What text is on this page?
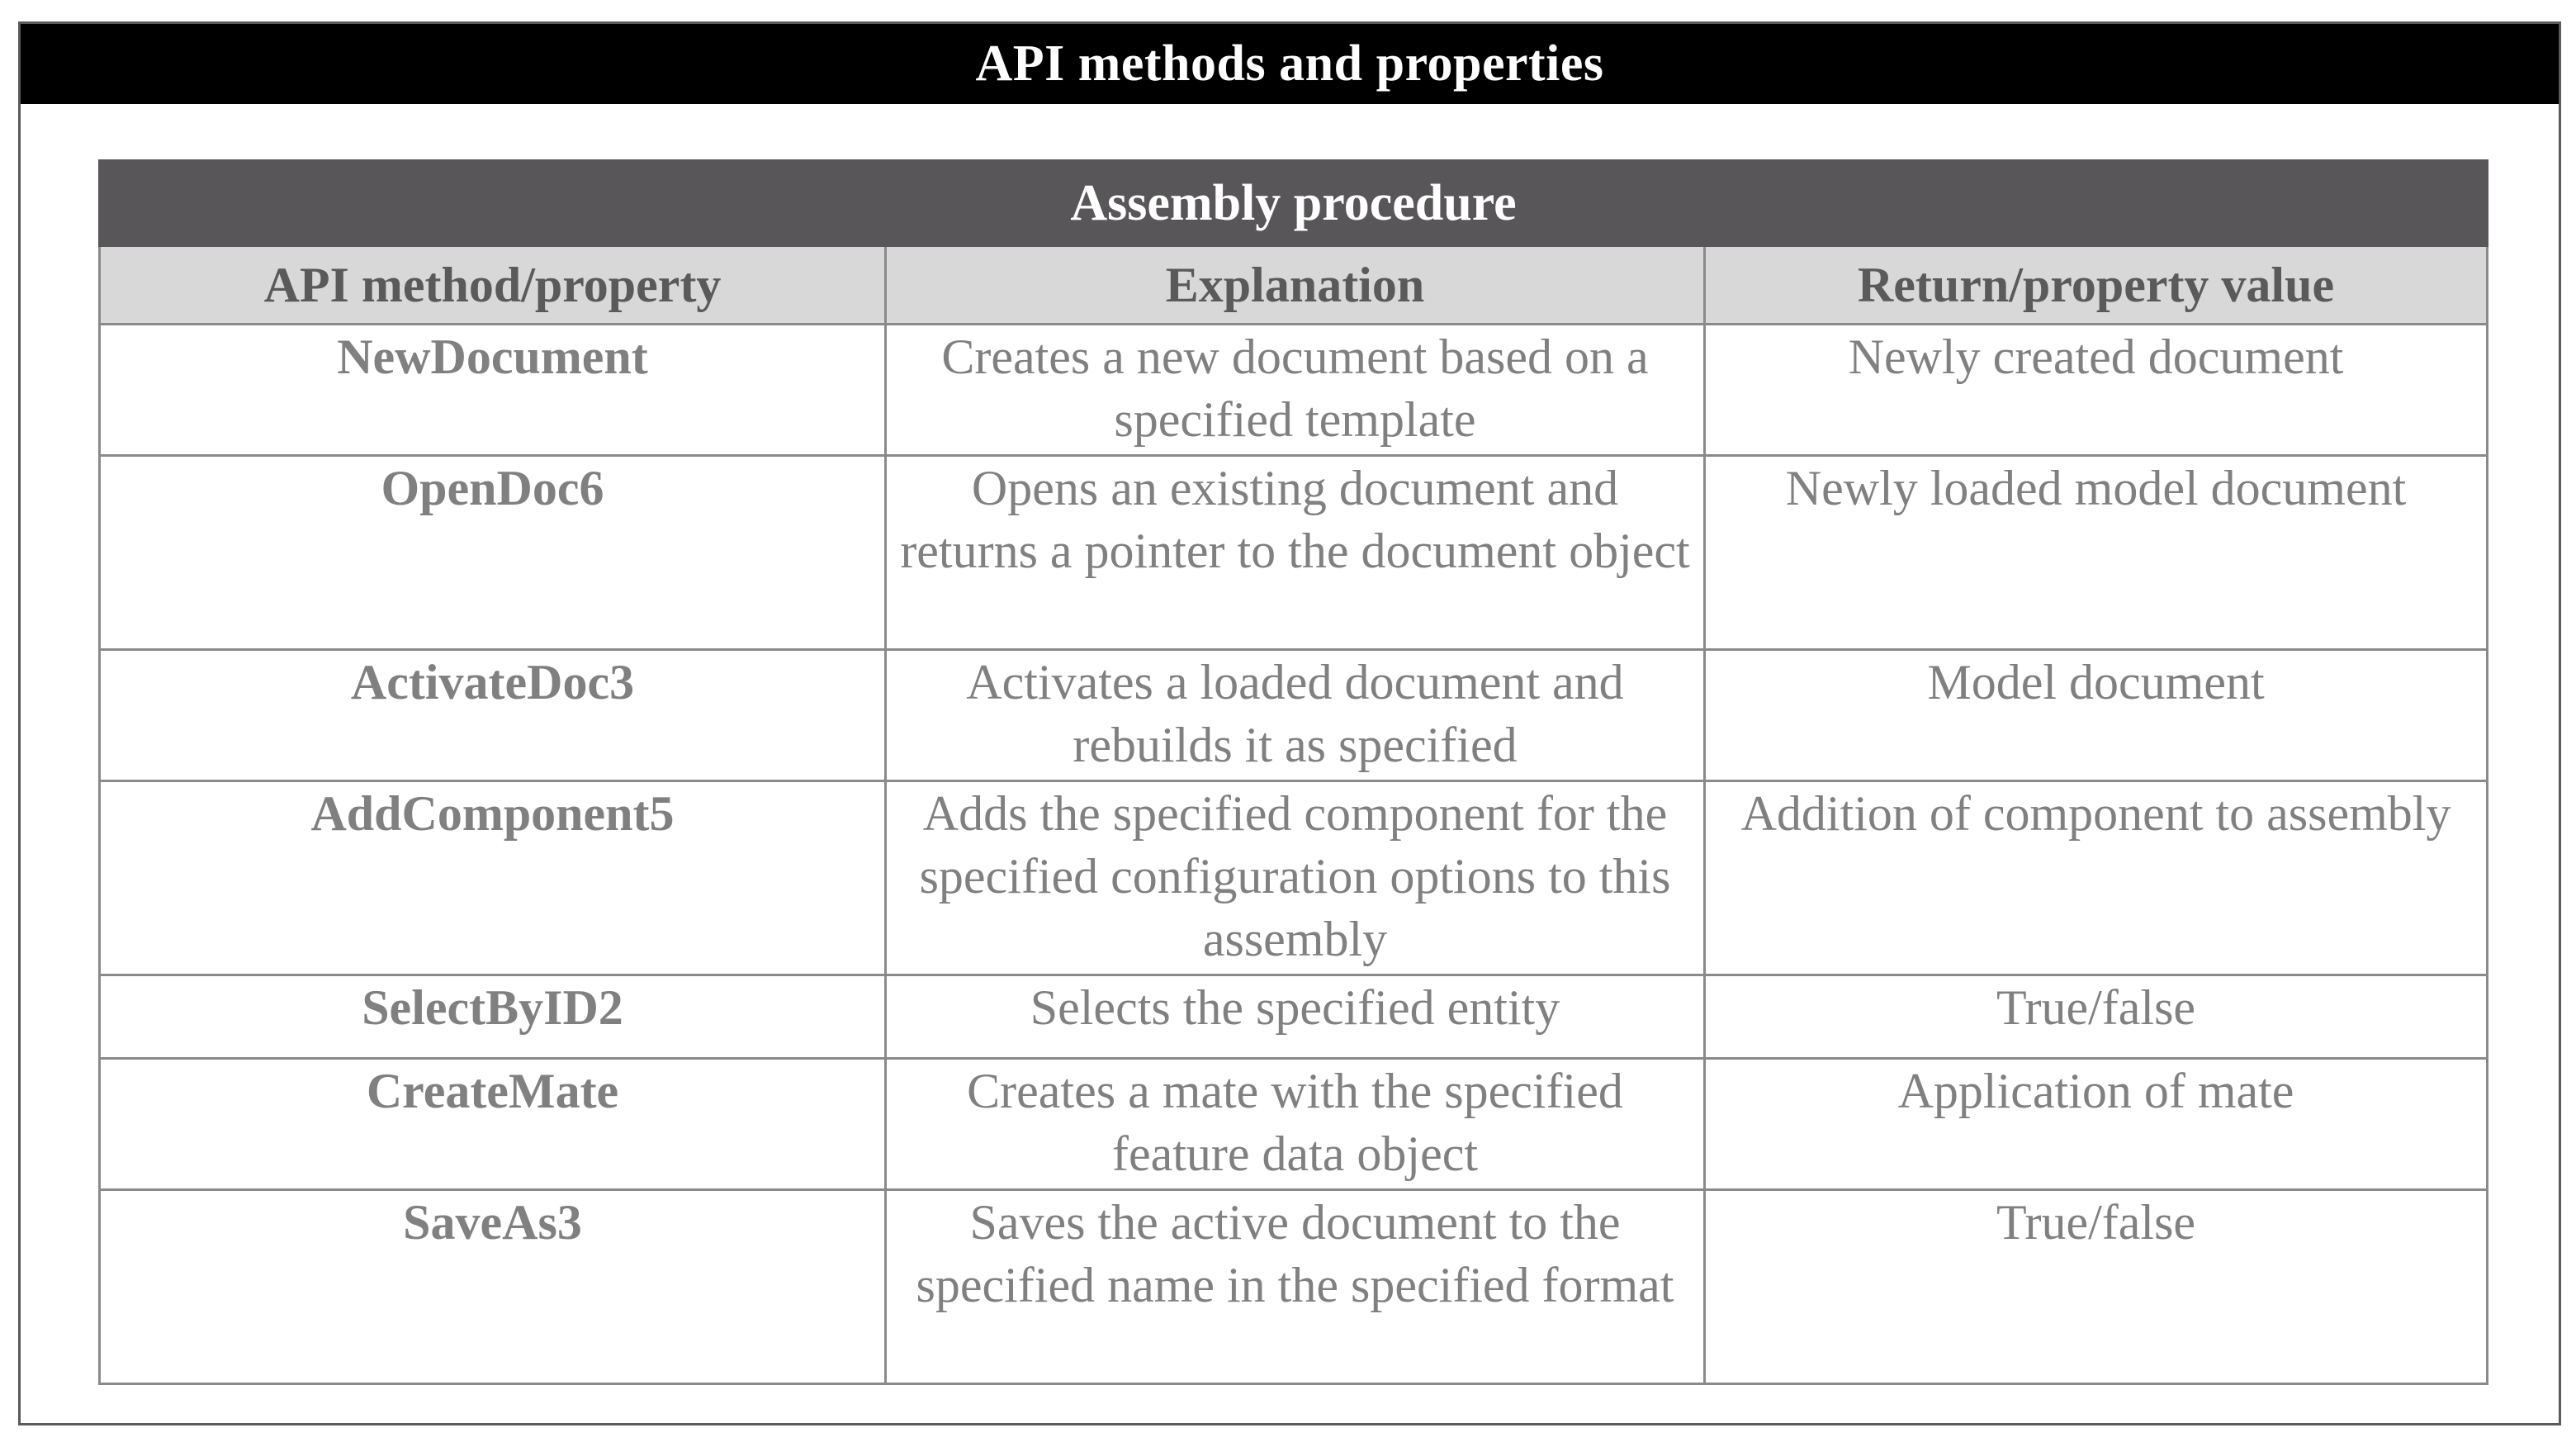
API methods and properties
Assembly procedure		
API method/property	Explanation	Return/property value
NewDocument	Creates a new document based on a specified template	Newly created document
OpenDoc6	Opens an existing document and returns a pointer to the document object	Newly loaded model document
ActivateDoc3	Activates a loaded document and rebuilds it as specified	Model document
AddComponent5	Adds the specified component for the specified configuration options to this assembly	Addition of component to assembly
SelectByID2	Selects the specified entity	True/false
CreateMate	Creates a mate with the specified feature data object	Application of mate
SaveAs3	Saves the active document to the specified name in the specified format	True/false
